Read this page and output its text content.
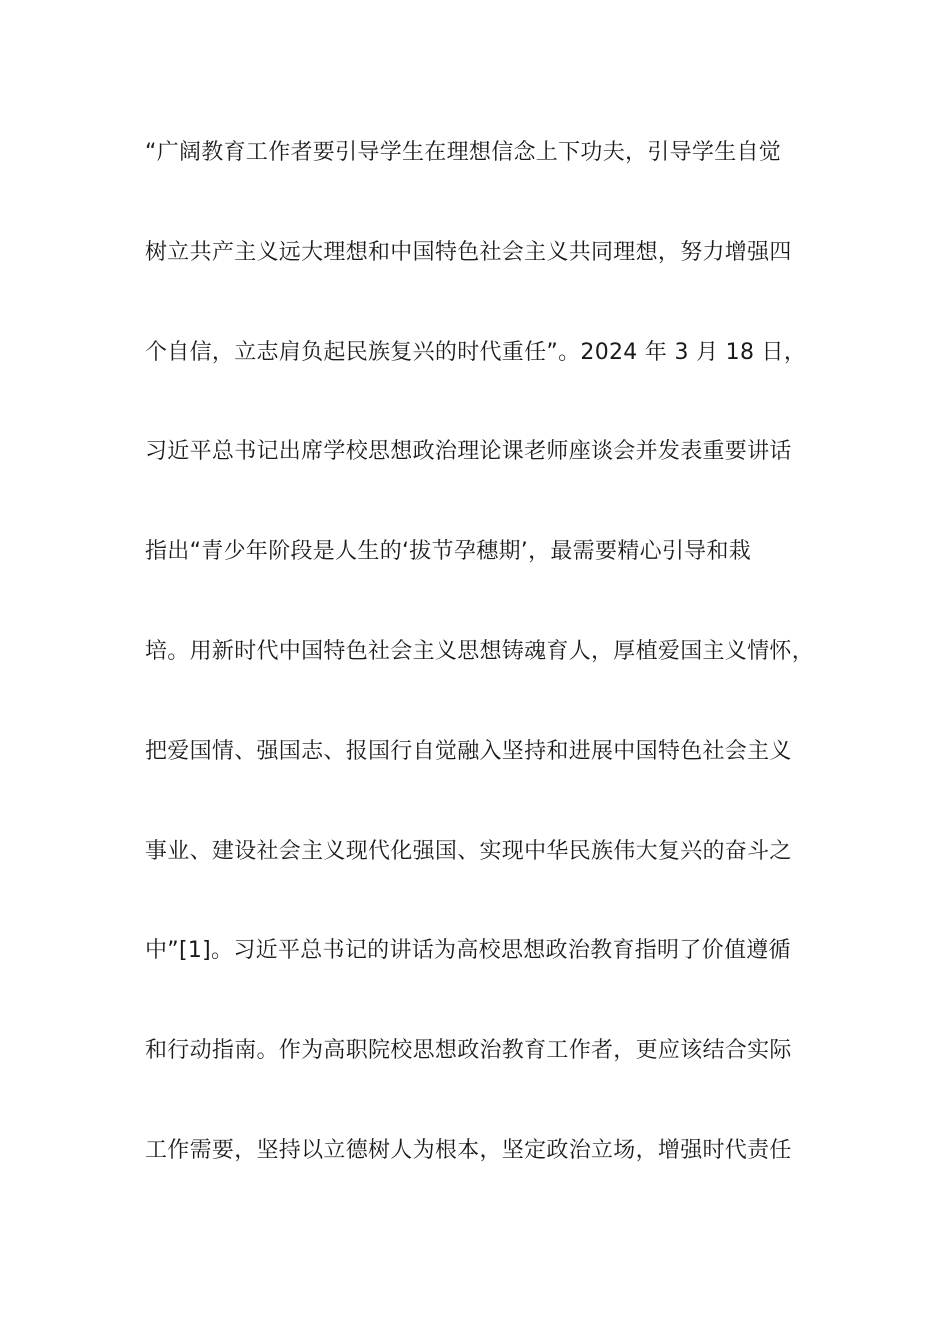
“广阔教育工作者要引导学生在理想信念上下功夫，引导学生自觉
树立共产主义远大理想和中国特色社会主义共同理想，努力增强四
个自信，立志肩负起民族复兴的时代重任”。2024 年 3 月 18 日，
习近平总书记出席学校思想政治理论课老师座谈会并发表重要讲话
指出“青少年阶段是人生的‘拔节孕穗期’，最需要精心引导和栽
培。用新时代中国特色社会主义思想铸魂育人，厚植爱国主义情怀，
把爱国情、强国志、报国行自觉融入坚持和进展中国特色社会主义
事业、建设社会主义现代化强国、实现中华民族伟大复兴的奋斗之
中”[1]。习近平总书记的讲话为高校思想政治教育指明了价值遵循
和行动指南。作为高职院校思想政治教育工作者，更应该结合实际
工作需要，坚持以立德树人为根本，坚定政治立场，增强时代责任
